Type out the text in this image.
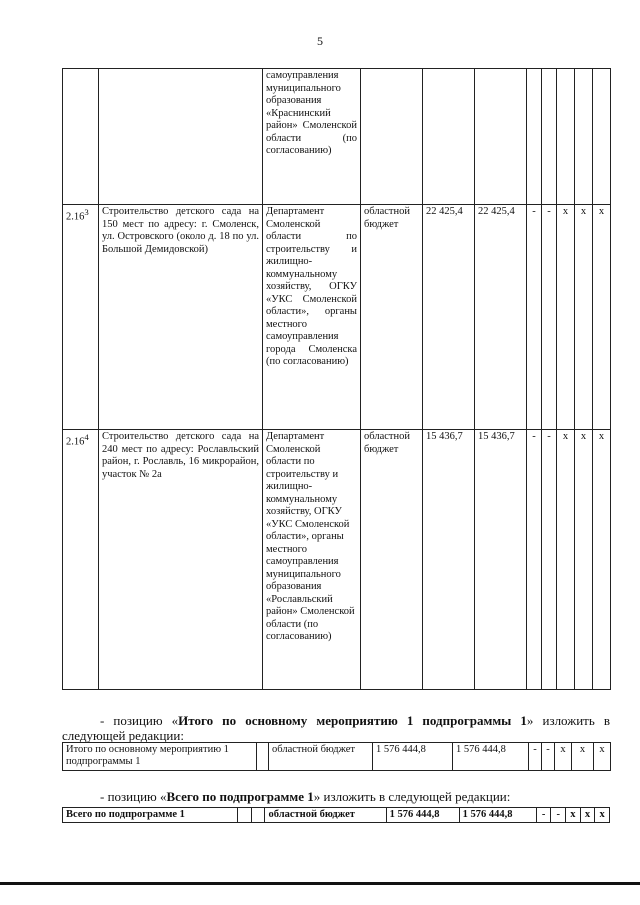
5
		самоуправления муниципального образования «Краснинский район» Смоленской области (по согласованию)								
2.16$^3$	Строительство детского сада на 150 мест по адресу: г. Смоленск, ул. Островского (около д. 18 по ул. Большой Демидовской)	Департамент Смоленской области по строительству и жилищно-коммунальному хозяйству, ОГКУ «УКС Смоленской области», органы местного самоуправления города Смоленска (по согласованию)	областной бюджет	22 425,4	22 425,4	-	-	x	x	x
2.16$^4$	Строительство детского сада на 240 мест по адресу: Рославльский район, г. Рославль, 16 микрорайон, участок № 2а	Департамент Смоленской области по строительству и жилищно-коммунальному хозяйству, ОГКУ «УКС Смоленской области», органы местного самоуправления муниципального образования «Рославльский район» Смоленской области (по согласованию)	областной бюджет	15 436,7	15 436,7	-	-	x	x	x
- позицию «Итого по основному мероприятию 1 подпрограммы 1» изложить в следующей редакции:
Итого по основному мероприятию 1 подпрограммы 1		областной бюджет	1 576 444,8	1 576 444,8	-	-	x	x	x
- позицию «Всего по подпрограмме 1» изложить в следующей редакции:
Всего по подпрограмме 1			областной бюджет	1 576 444,8	1 576 444,8	-	-	x	x	x
